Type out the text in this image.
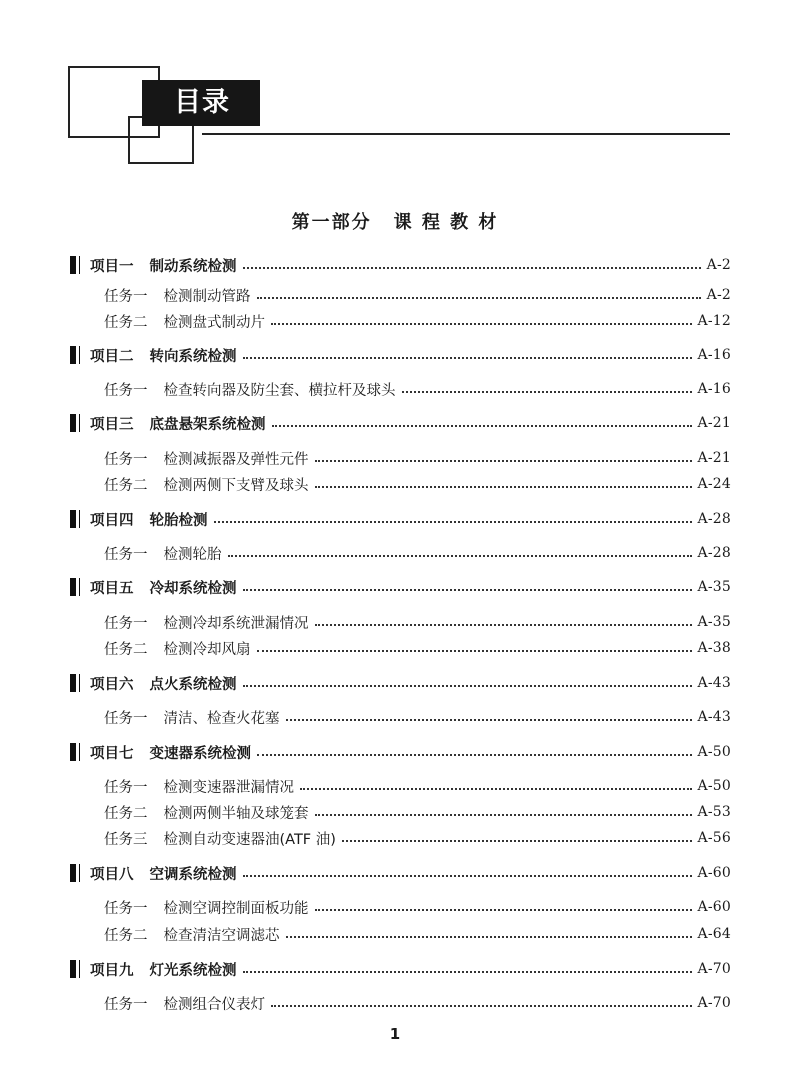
目录
第一部分 课 程 教 材
项目一 制动系统检测	A-2
任务一 检测制动管路	A-2
任务二 检测盘式制动片	A-12
项目二 转向系统检测	A-16
任务一 检查转向器及防尘套、横拉杆及球头	A-16
项目三 底盘悬架系统检测	A-21
任务一 检测减振器及弹性元件	A-21
任务二 检测两侧下支臂及球头	A-24
项目四 轮胎检测	A-28
任务一 检测轮胎	A-28
项目五 冷却系统检测	A-35
任务一 检测冷却系统泄漏情况	A-35
任务二 检测冷却风扇	A-38
项目六 点火系统检测	A-43
任务一 清洁、检查火花塞	A-43
项目七 变速器系统检测	A-50
任务一 检测变速器泄漏情况	A-50
任务二 检测两侧半轴及球笼套	A-53
任务三 检测自动变速器油(ATF 油)	A-56
项目八 空调系统检测	A-60
任务一 检测空调控制面板功能	A-60
任务二 检查清洁空调滤芯	A-64
项目九 灯光系统检测	A-70
任务一 检测组合仪表灯	A-70
1
